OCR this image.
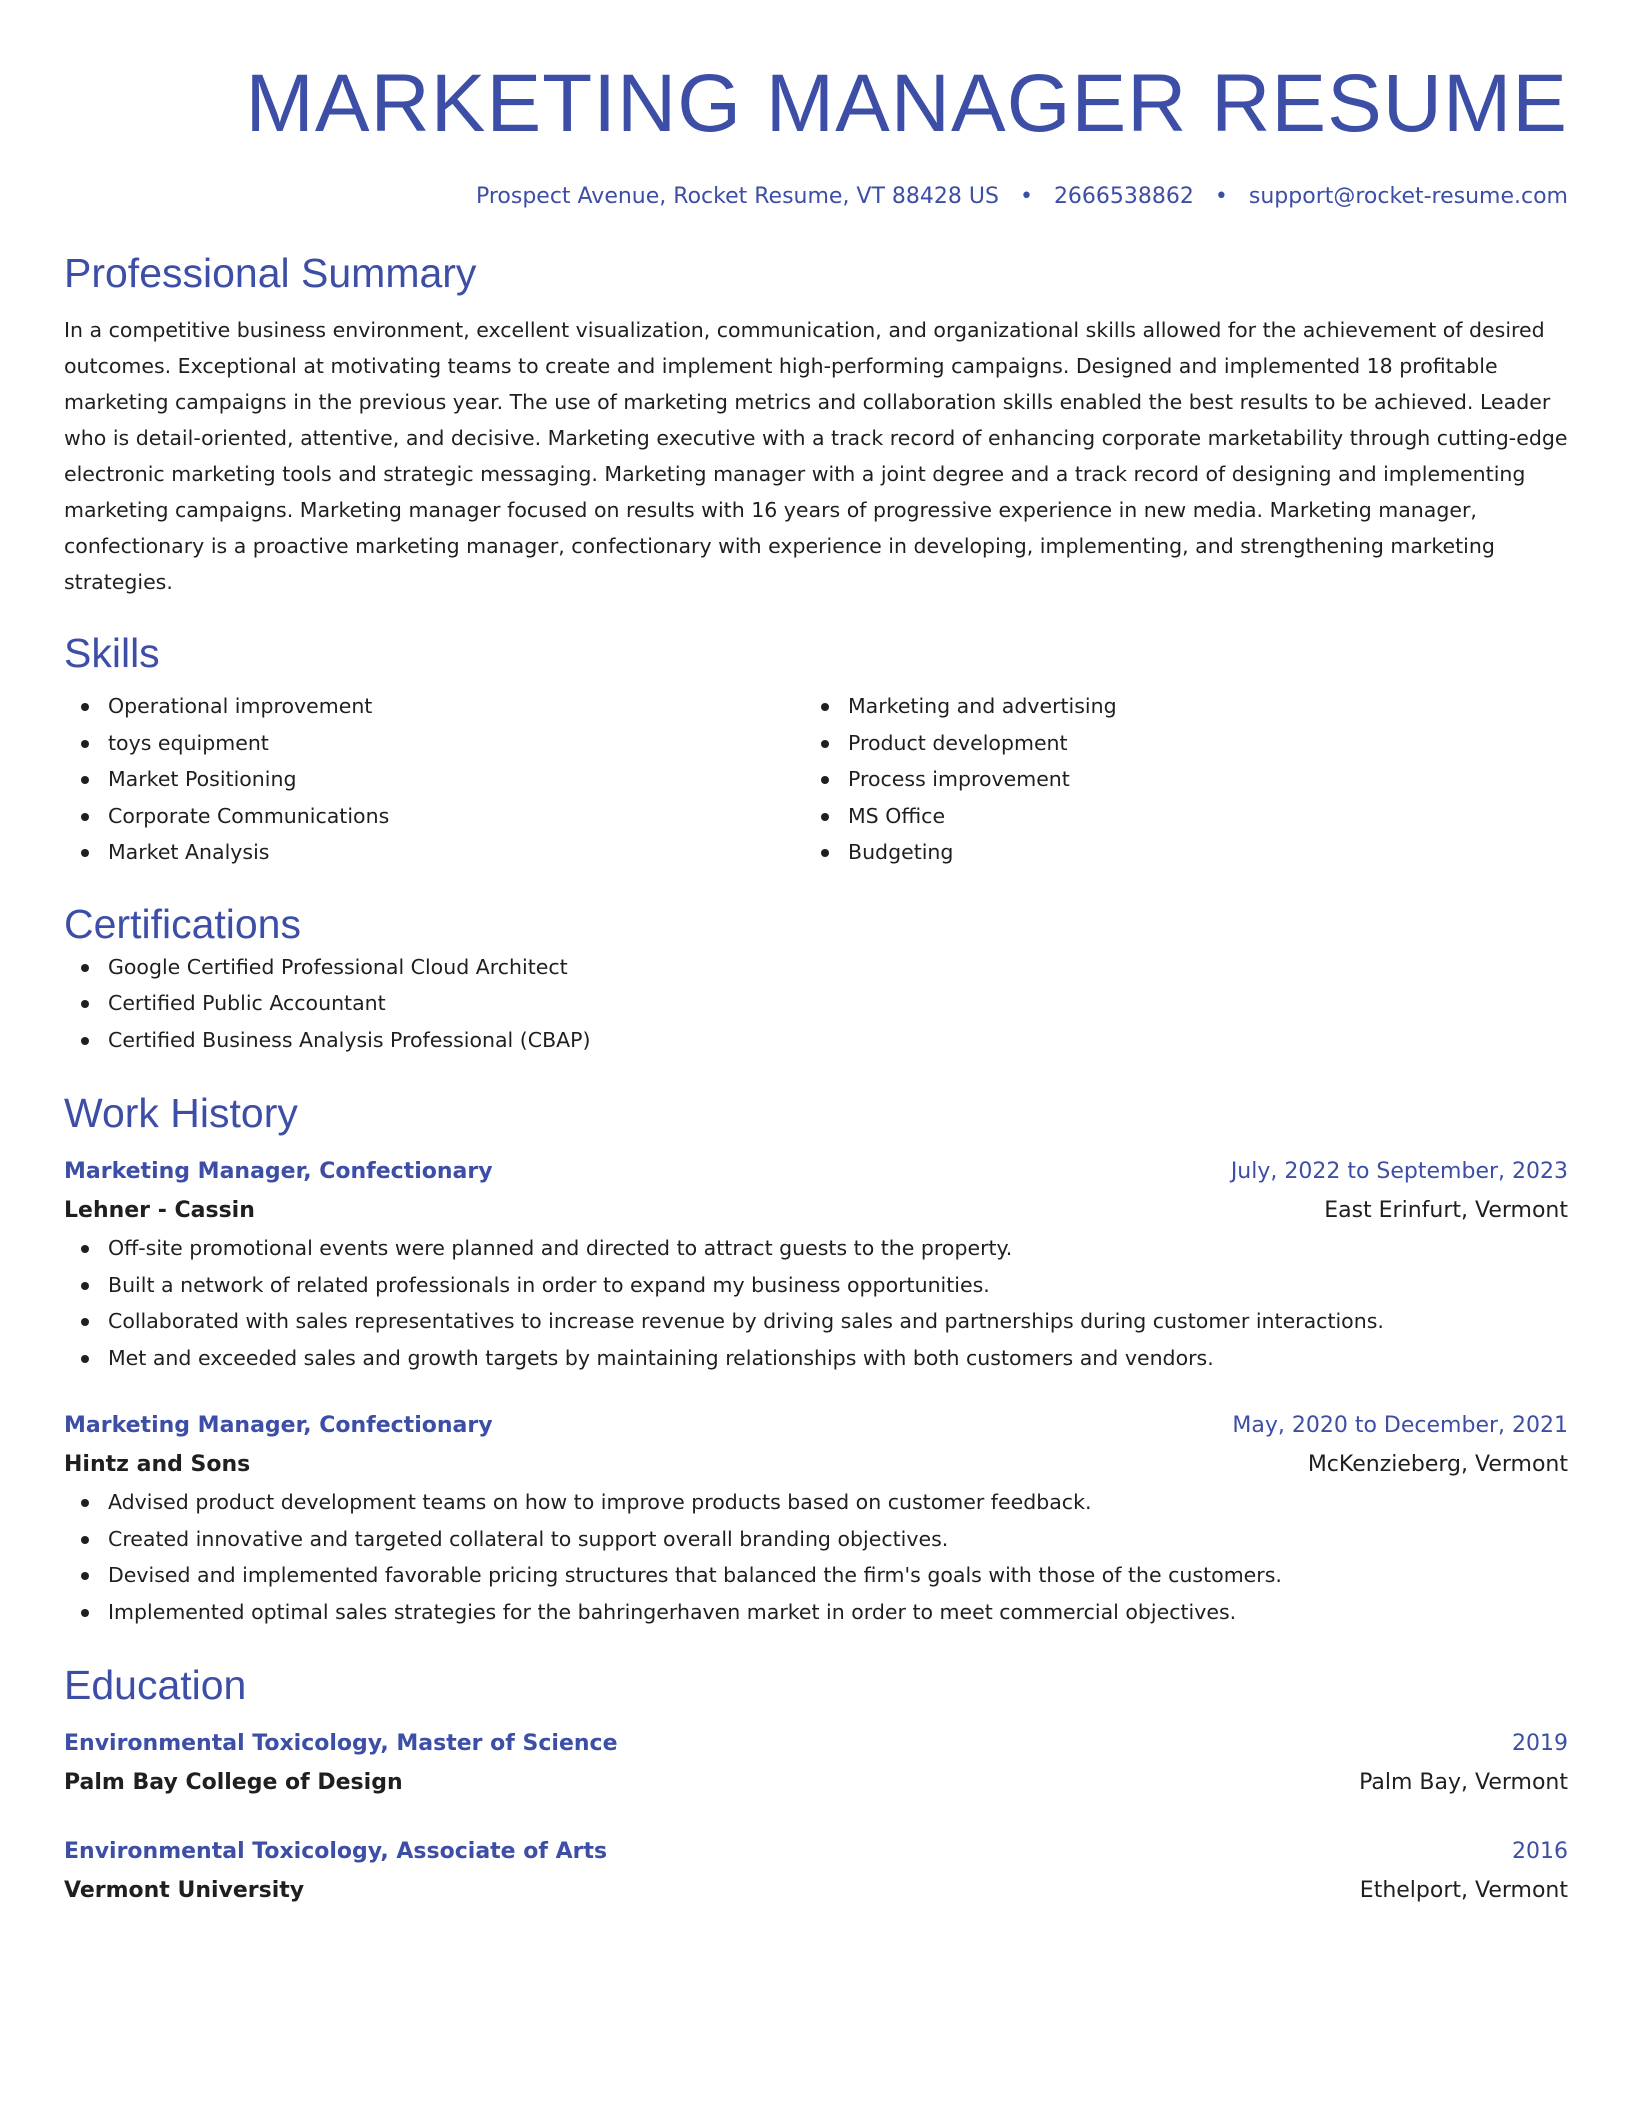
MARKETING MANAGER RESUME
Prospect Avenue, Rocket Resume, VT 88428 US • 2666538862 • support@rocket-resume.com
Professional Summary
In a competitive business environment, excellent visualization, communication, and organizational skills allowed for the achievement of desired outcomes. Exceptional at motivating teams to create and implement high-performing campaigns. Designed and implemented 18 profitable marketing campaigns in the previous year. The use of marketing metrics and collaboration skills enabled the best results to be achieved. Leader who is detail-oriented, attentive, and decisive. Marketing executive with a track record of enhancing corporate marketability through cutting-edge electronic marketing tools and strategic messaging. Marketing manager with a joint degree and a track record of designing and implementing marketing campaigns. Marketing manager focused on results with 16 years of progressive experience in new media. Marketing manager, confectionary is a proactive marketing manager, confectionary with experience in developing, implementing, and strengthening marketing strategies.
Skills
Operational improvement
toys equipment
Market Positioning
Corporate Communications
Market Analysis
Marketing and advertising
Product development
Process improvement
MS Office
Budgeting
Certifications
Google Certified Professional Cloud Architect
Certified Public Accountant
Certified Business Analysis Professional (CBAP)
Work History
Marketing Manager, Confectionary	July, 2022 to September, 2023
Lehner - Cassin	East Erinfurt, Vermont
Off-site promotional events were planned and directed to attract guests to the property.
Built a network of related professionals in order to expand my business opportunities.
Collaborated with sales representatives to increase revenue by driving sales and partnerships during customer interactions.
Met and exceeded sales and growth targets by maintaining relationships with both customers and vendors.
Marketing Manager, Confectionary	May, 2020 to December, 2021
Hintz and Sons	McKenzieberg, Vermont
Advised product development teams on how to improve products based on customer feedback.
Created innovative and targeted collateral to support overall branding objectives.
Devised and implemented favorable pricing structures that balanced the firm's goals with those of the customers.
Implemented optimal sales strategies for the bahringerhaven market in order to meet commercial objectives.
Education
Environmental Toxicology, Master of Science	2019
Palm Bay College of Design	Palm Bay, Vermont
Environmental Toxicology, Associate of Arts	2016
Vermont University	Ethelport, Vermont
